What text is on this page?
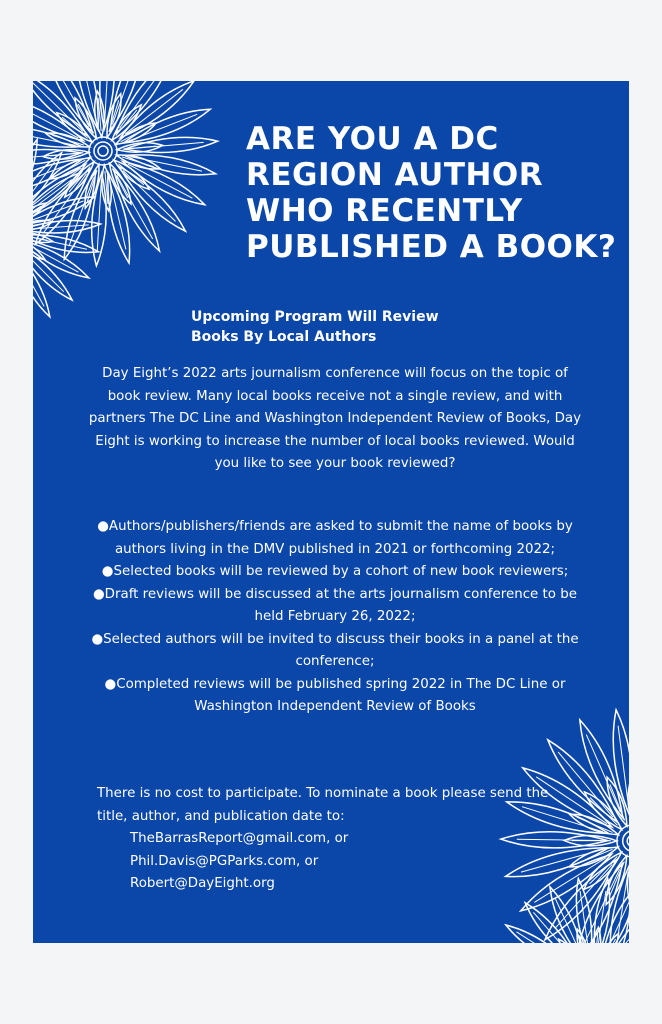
ARE YOU A DC
REGION AUTHOR
WHO RECENTLY
PUBLISHED A BOOK?
Upcoming Program Will Review
Books By Local Authors
Day Eight’s 2022 arts journalism conference will focus on the topic of book review. Many local books receive not a single review, and with partners The DC Line and Washington Independent Review of Books, Day Eight is working to increase the number of local books reviewed. Would you like to see your book reviewed?

●Authors/publishers/friends are asked to submit the name of books by authors living in the DMV published in 2021 or forthcoming 2022;

●Selected books will be reviewed by a cohort of new book reviewers;

●Draft reviews will be discussed at the arts journalism conference to be held February 26, 2022;

●Selected authors will be invited to discuss their books in a panel at the conference;

●Completed reviews will be published spring 2022 in The DC Line or Washington Independent Review of Books

There is no cost to participate. To nominate a book please send the title, author, and publication date to:
TheBarrasReport@gmail.com, or
Phil.Davis@PGParks.com, or
Robert@DayEight.org
